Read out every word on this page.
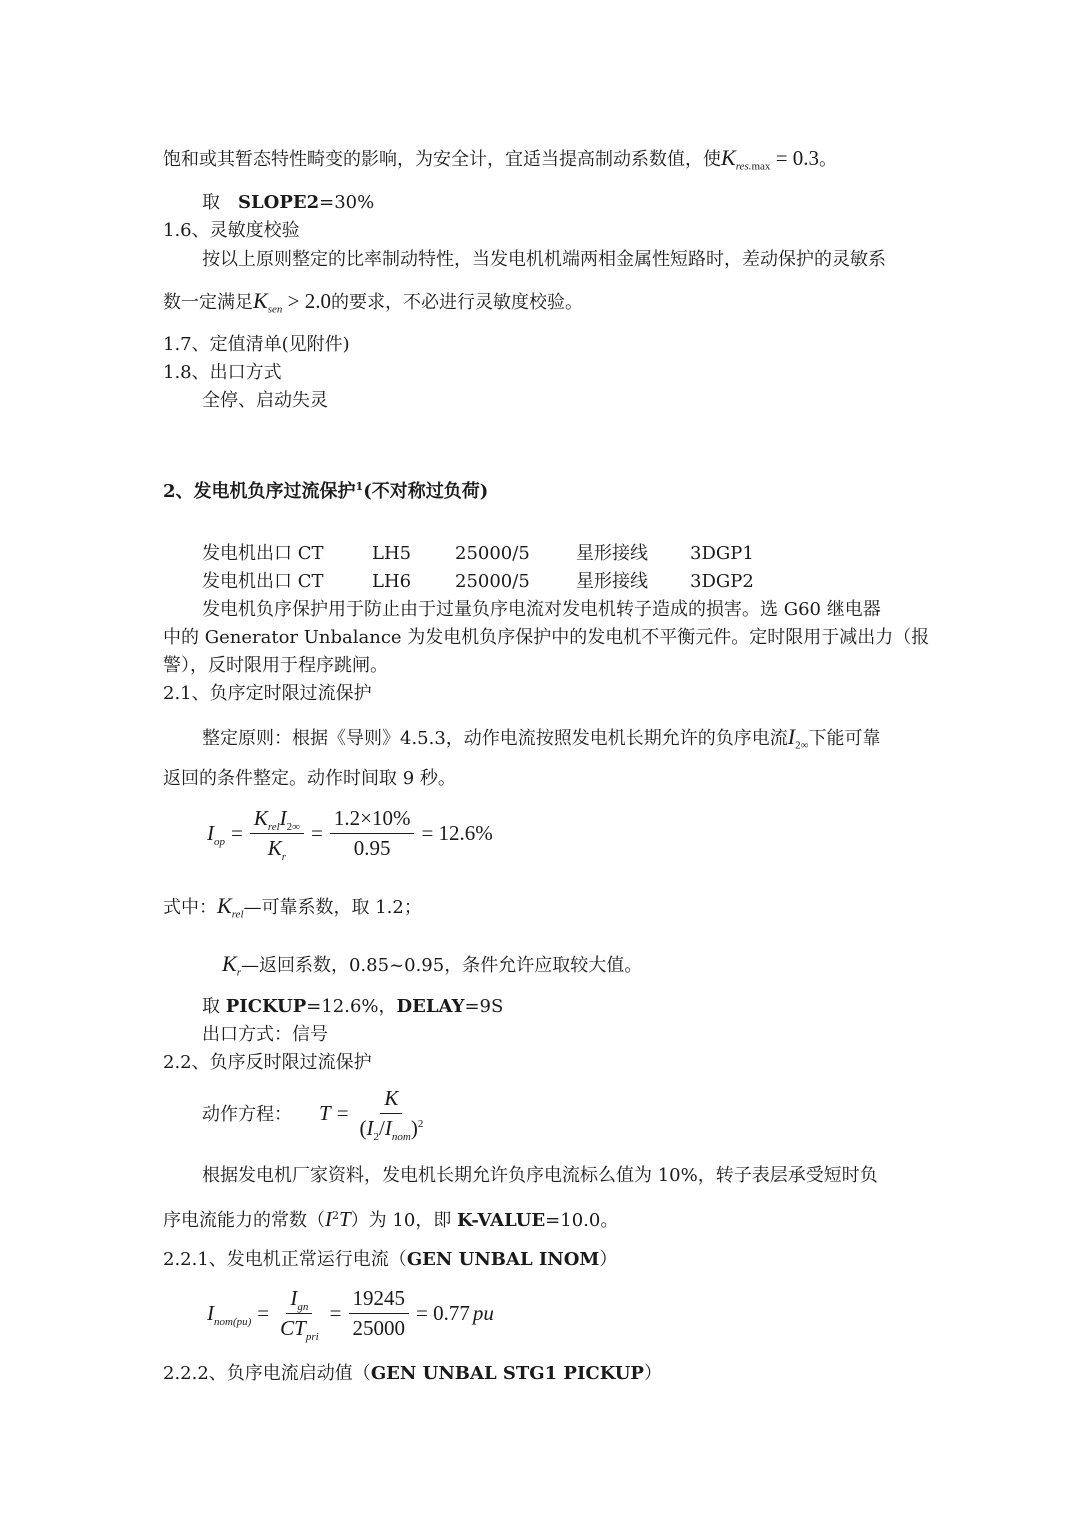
饱和或其暂态特性畸变的影响，为安全计，宜适当提高制动系数值，使$K_{res.max} = 0.3$。
取　SLOPE2=30%
1.6、灵敏度校验
按以上原则整定的比率制动特性，当发电机机端两相金属性短路时，差动保护的灵敏系
数一定满足$K_{sen} > 2.0$的要求，不必进行灵敏度校验。
1.7、定值清单(见附件)
1.8、出口方式
全停、启动失灵
2、发电机负序过流保护$^1$(不对称过负荷)
发电机出口 CT	LH5 25000/5	星形接线 3DGP1
发电机出口 CT	LH6 25000/5	星形接线 3DGP2
发电机负序保护用于防止由于过量负序电流对发电机转子造成的损害。选 G60 继电器
中的 Generator Unbalance 为发电机负序保护中的发电机不平衡元件。定时限用于减出力（报
警），反时限用于程序跳闸。
2.1、负序定时限过流保护
整定原则：根据《导则》4.5.3，动作电流按照发电机长期允许的负序电流$I_{2\infty}$下能可靠
返回的条件整定。动作时间取 9 秒。
$I_{op} = \frac{K_{rel}I_{2\infty}}{K_r} = \frac{1.2\times 10\%}{0.95} = 12.6\%$
式中：$K_{rel}—$可靠系数，取 1.2；
$K_r—$返回系数，0.85~0.95，条件允许应取较大值。
取 PICKUP=12.6%，DELAY=9S
出口方式：信号
2.2、负序反时限过流保护
动作方程： $T = \frac{K}{(I_2/I_{nom})^2}$
根据发电机厂家资料，发电机长期允许负序电流标么值为 10%，转子表层承受短时负
序电流能力的常数$(I^2T)$为 10，即 K-VALUE=10.0。
2.2.1、发电机正常运行电流（GEN UNBAL INOM）
$I_{nom(pu)} = \frac{I_{gn}}{CT_{pri}} = \frac{19245}{25000} = 0.77$ pu
2.2.2、负序电流启动值（GEN UNBAL STG1 PICKUP）
